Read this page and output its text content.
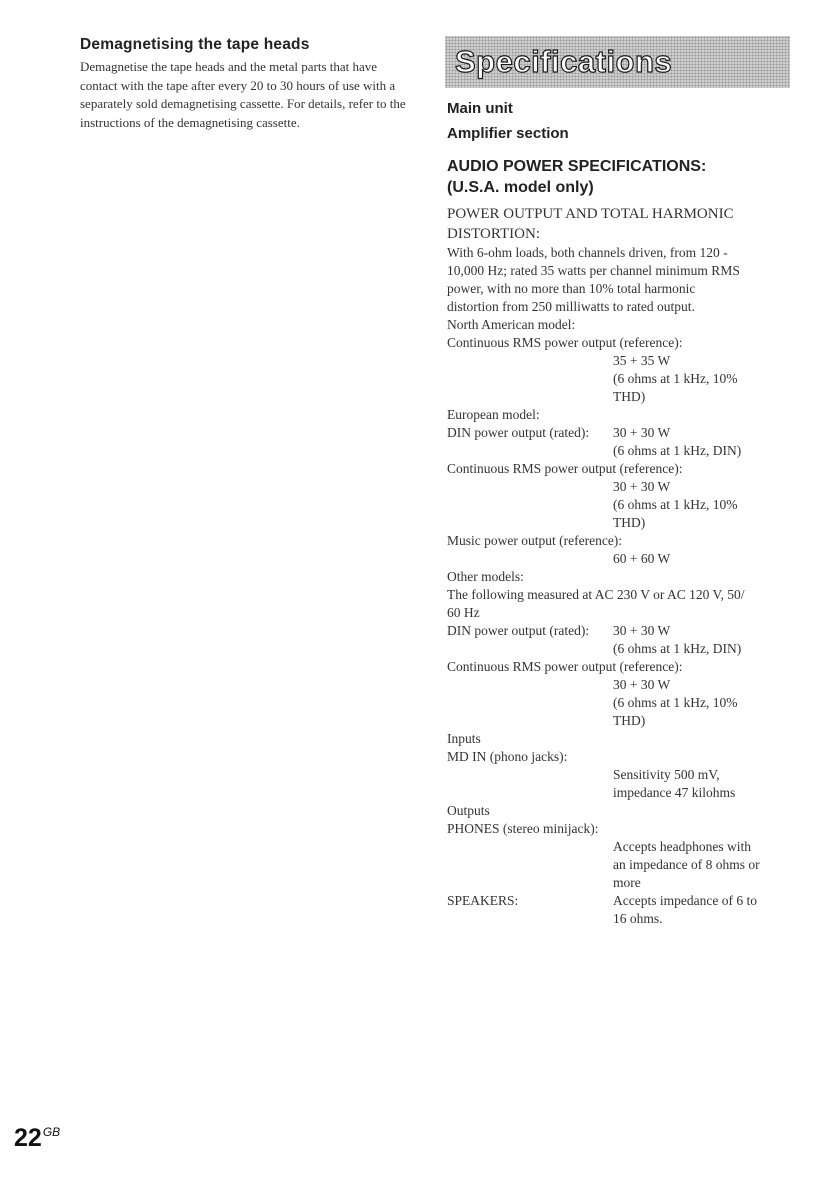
Demagnetising the tape heads

Demagnetise the tape heads and the metal parts that have contact with the tape after every 20 to 30 hours of use with a separately sold demagnetising cassette. For details, refer to the instructions of the demagnetising cassette.

Specifications
Main unit
Amplifier section
AUDIO POWER SPECIFICATIONS:
(U.S.A. model only)
POWER OUTPUT AND TOTAL HARMONIC
DISTORTION:
With 6-ohm loads, both channels driven, from 120 -
10,000 Hz; rated 35 watts per channel minimum RMS
power, with no more than 10% total harmonic
distortion from 250 milliwatts to rated output.
North American model:
Continuous RMS power output (reference):
35 + 35 W
(6 ohms at 1 kHz, 10%
THD)
European model:
DIN power output (rated):	30 + 30 W
(6 ohms at 1 kHz, DIN)
Continuous RMS power output (reference):
30 + 30 W
(6 ohms at 1 kHz, 10%
THD)
Music power output (reference):
60 + 60 W
Other models:
The following measured at AC 230 V or AC 120 V, 50/
60 Hz
DIN power output (rated):	30 + 30 W
(6 ohms at 1 kHz, DIN)
Continuous RMS power output (reference):
30 + 30 W
(6 ohms at 1 kHz, 10%
THD)
Inputs
MD IN (phono jacks):
Sensitivity 500 mV,
impedance 47 kilohms
Outputs
PHONES (stereo minijack):
Accepts headphones with
an impedance of 8 ohms or
more
SPEAKERS:	Accepts impedance of 6 to
16 ohms.
$22^{GB}$
